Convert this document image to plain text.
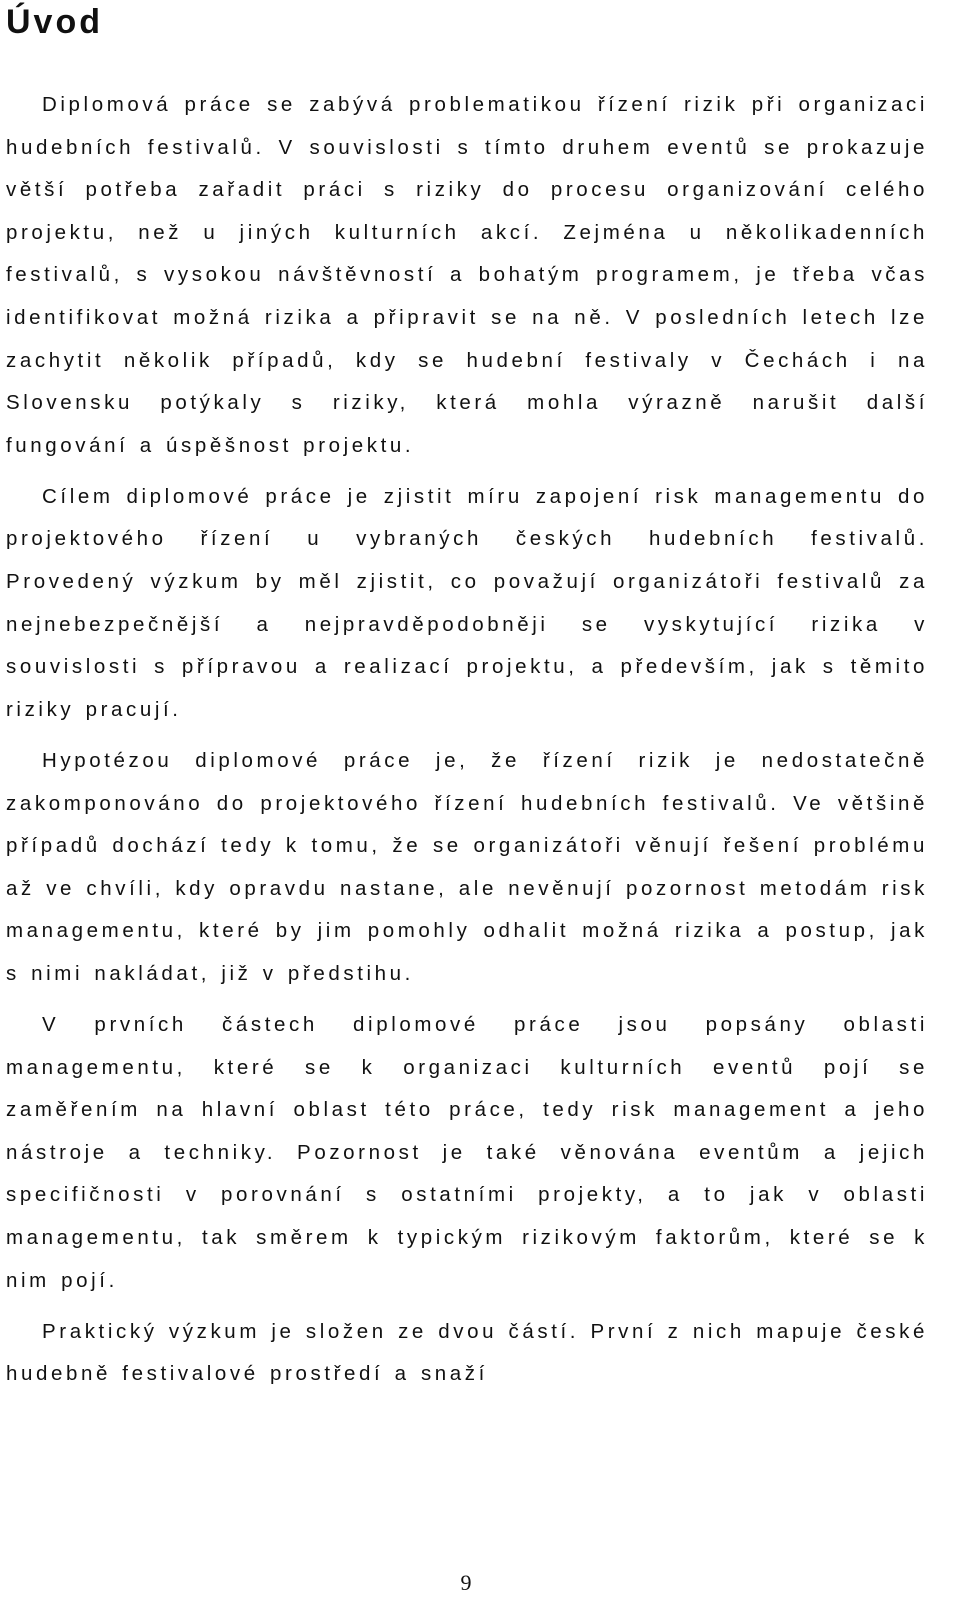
Úvod

Diplomová práce se zabývá problematikou řízení rizik při organizaci hudebních festivalů. V souvislosti s tímto druhem eventů se prokazuje větší potřeba zařadit práci s riziky do procesu organizování celého projektu, než u jiných kulturních akcí. Zejména u několikadenních festivalů, s vysokou návštěvností a bohatým programem, je třeba včas identifikovat možná rizika a připravit se na ně. V posledních letech lze zachytit několik případů, kdy se hudební festivaly v Čechách i na Slovensku potýkaly s riziky, která mohla výrazně narušit další fungování a úspěšnost projektu.

Cílem diplomové práce je zjistit míru zapojení risk managementu do projektového řízení u vybraných českých hudebních festivalů. Provedený výzkum by měl zjistit, co považují organizátoři festivalů za nejnebezpečnější a nejpravděpodobněji se vyskytující rizika v souvislosti s přípravou a realizací projektu, a především, jak s těmito riziky pracují.

Hypotézou diplomové práce je, že řízení rizik je nedostatečně zakomponováno do projektového řízení hudebních festivalů. Ve většině případů dochází tedy k tomu, že se organizátoři věnují řešení problému až ve chvíli, kdy opravdu nastane, ale nevěnují pozornost metodám risk managementu, které by jim pomohly odhalit možná rizika a postup, jak s nimi nakládat, již v předstihu.

V prvních částech diplomové práce jsou popsány oblasti managementu, které se k organizaci kulturních eventů pojí se zaměřením na hlavní oblast této práce, tedy risk management a jeho nástroje a techniky. Pozornost je také věnována eventům a jejich specifičnosti v porovnání s ostatními projekty, a to jak v oblasti managementu, tak směrem k typickým rizikovým faktorům, které se k nim pojí.

Praktický výzkum je složen ze dvou částí. První z nich mapuje české hudebně festivalové prostředí a snaží

9
